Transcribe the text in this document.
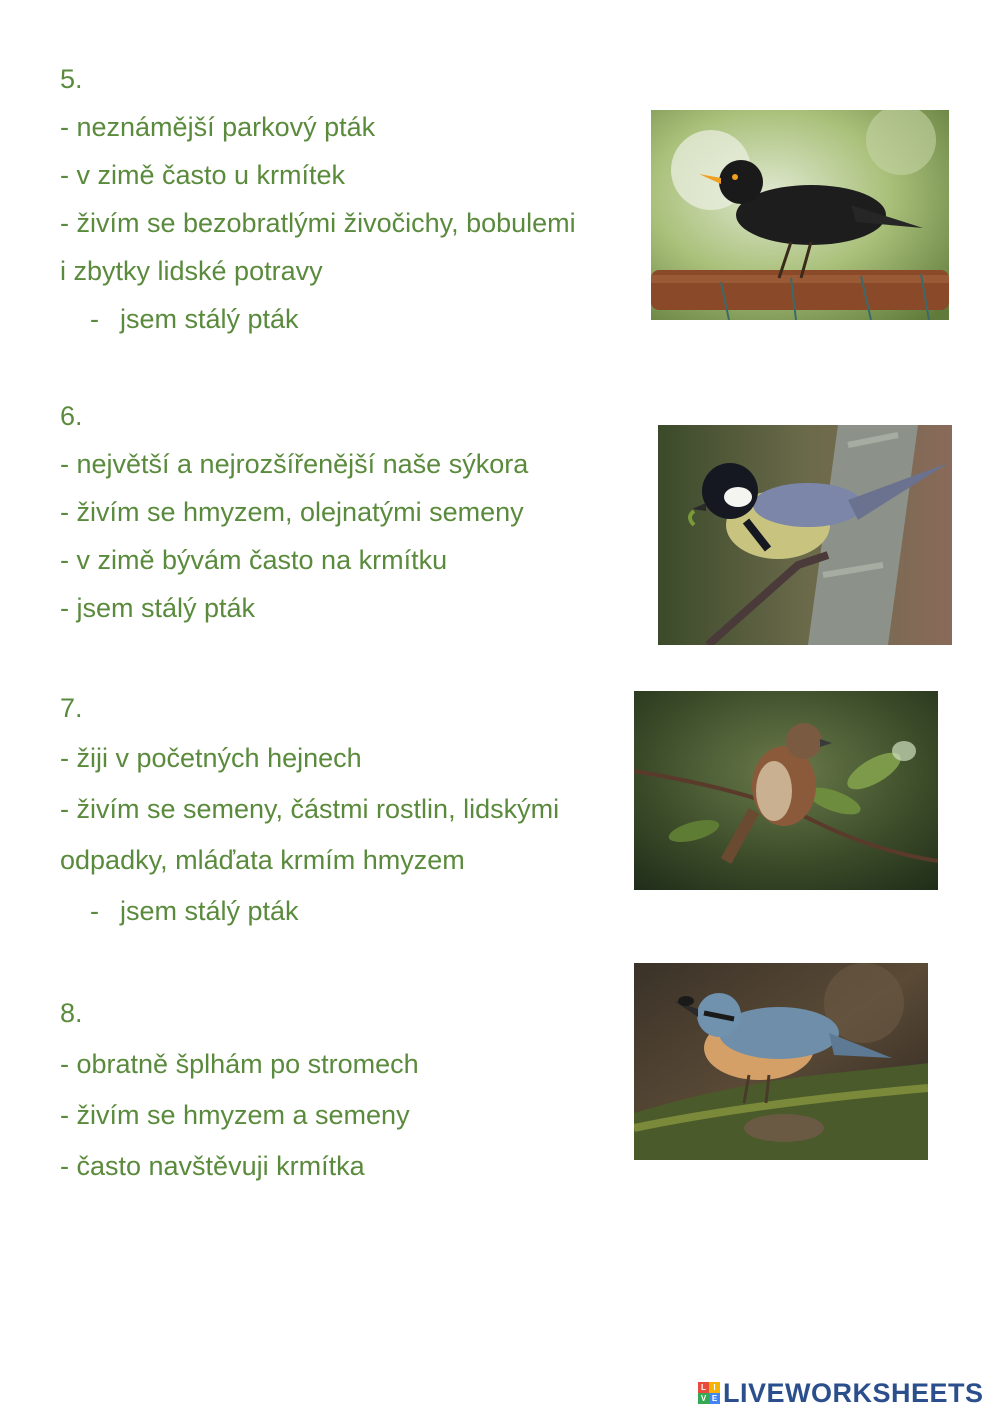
5.
- neznámější parkový pták
- v zimě často u krmítek
- živím se bezobratlými živočichy, bobulemi
i zbytky lidské potravy
- jsem stálý pták
6.
- největší a nejrozšířenější naše sýkora
- živím se hmyzem, olejnatými semeny
- v zimě bývám často na krmítku
- jsem stálý pták
7.
- žiji v početných hejnech
- živím se semeny, částmi rostlin, lidskými
odpadky, mláďata krmím hmyzem
- jsem stálý pták
8.
- obratně šplhám po stromech
- živím se hmyzem a semeny
- často navštěvuji krmítka
L I
V E LIVEWORKSHEETS
